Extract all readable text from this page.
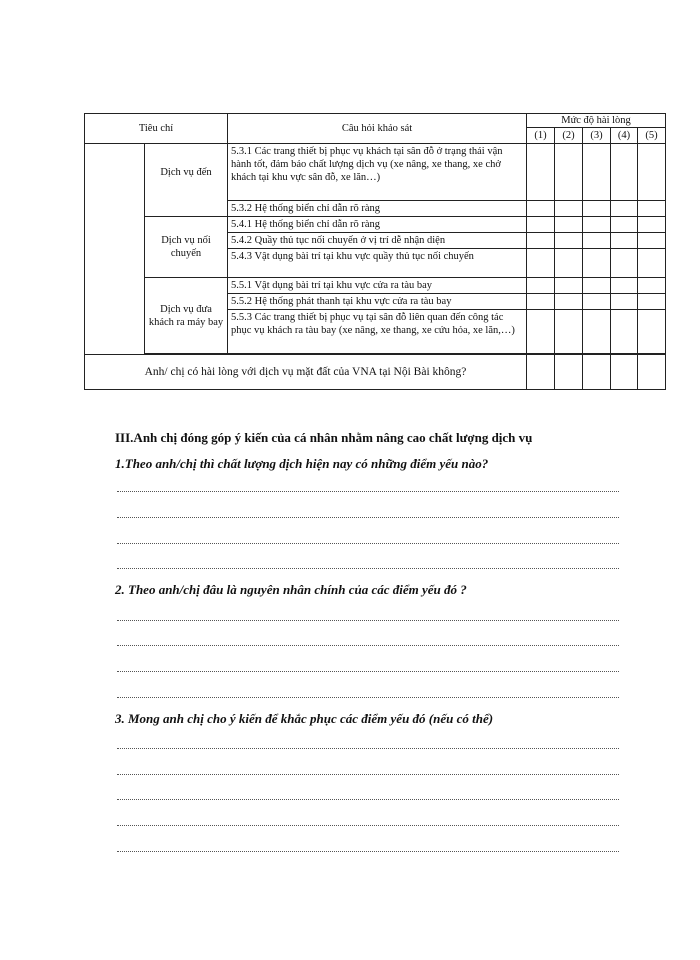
Tiêu chí		Câu hỏi khảo sát	Mức độ hài lòng				
			(1)	(2)	(3)	(4)	(5)
	Dịch vụ đến	5.3.1 Các trang thiết bị phục vụ khách tại sân đỗ ở trạng thái vận hành tốt, đảm bảo chất lượng dịch vụ (xe nâng, xe thang, xe chở khách tại khu vực sân đỗ, xe lăn…)					
		5.3.2 Hệ thống biển chỉ dẫn rõ ràng					
	Dịch vụ nối chuyến	5.4.1 Hệ thống biển chỉ dẫn rõ ràng					
		5.4.2 Quầy thủ tục nối chuyến ở vị trí dễ nhận diện					
		5.4.3 Vật dụng bài trí tại khu vực quầy thủ tục nối chuyến					
	Dịch vụ đưa khách ra máy bay	5.5.1 Vật dụng bài trí tại khu vực cửa ra tàu bay					
		5.5.2 Hệ thống phát thanh tại khu vực cửa ra tàu bay					
		5.5.3 Các trang thiết bị phục vụ tại sân đỗ liên quan đến công tác phục vụ khách ra tàu bay (xe nâng, xe thang, xe cứu hỏa, xe lăn,…)					

Anh/ chị có hài lòng với dịch vụ mặt đất của VNA tại Nội Bài không?							
III.Anh chị đóng góp ý kiến của cá nhân nhằm nâng cao chất lượng dịch vụ
1.Theo anh/chị thì chất lượng dịch hiện nay có những điểm yếu nào?
2. Theo anh/chị đâu là nguyên nhân chính của các điểm yếu đó ?
3. Mong anh chị cho ý kiến để khắc phục các điểm yếu đó (nếu có thể)
